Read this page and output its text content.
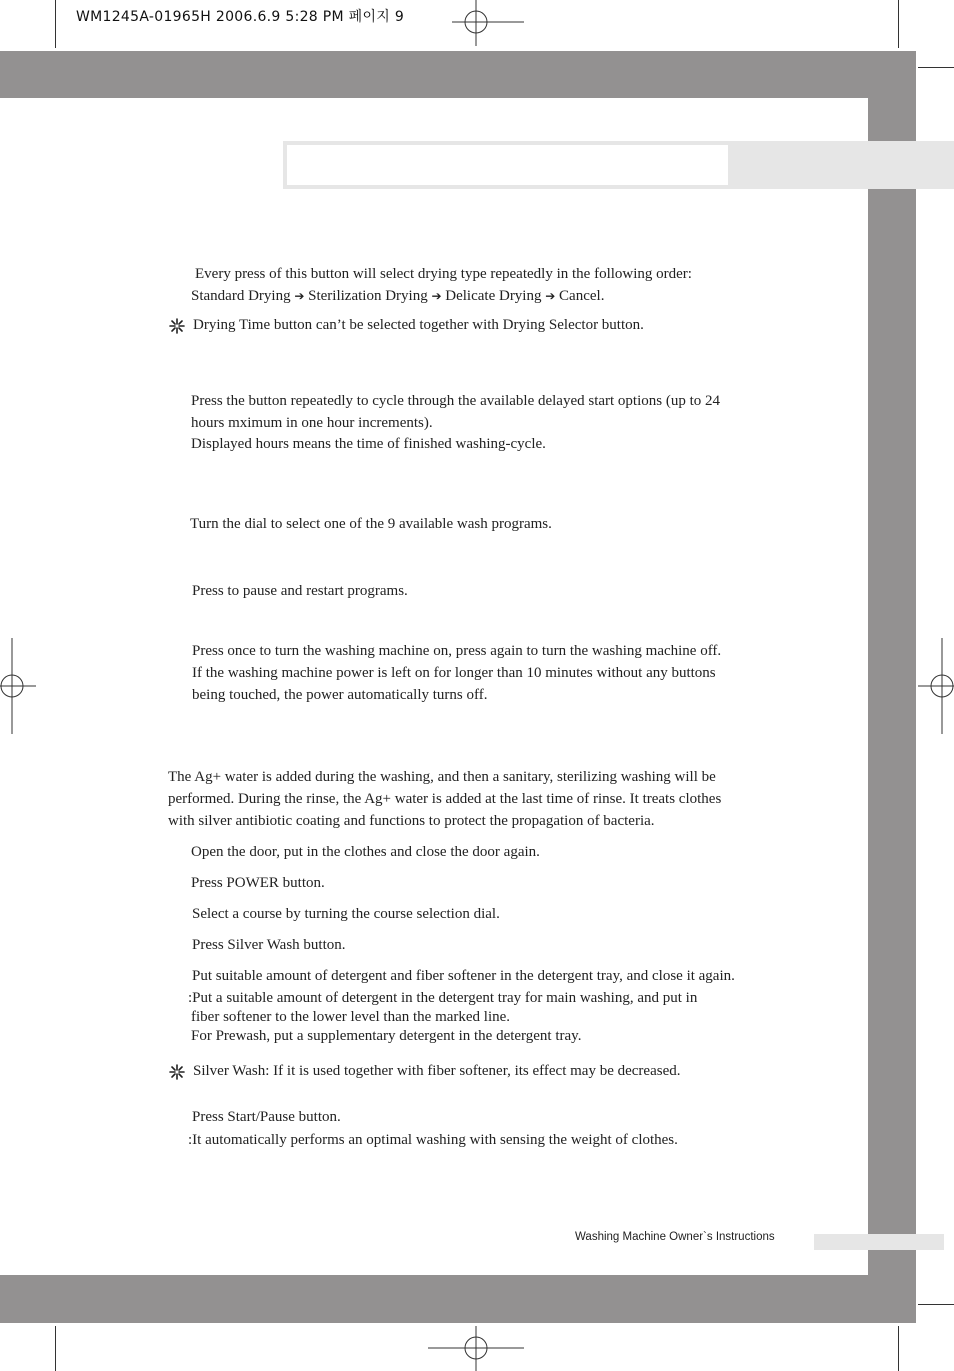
WM1245A-01965H 2006.6.9 5:28 PM 페이지 9
Every press of this button will select drying type repeatedly in the following order:
Standard Drying ➔ Sterilization Drying ➔ Delicate Drying ➔ Cancel.
Drying Time button can’t be selected together with Drying Selector button.
Press the button repeatedly to cycle through the available delayed start options (up to 24
hours mximum in one hour increments).
Displayed hours means the time of finished washing-cycle.
Turn the dial to select one of the 9 available wash programs.
Press to pause and restart programs.
Press once to turn the washing machine on, press again to turn the washing machine off.
If the washing machine power is left on for longer than 10 minutes without any buttons
being touched, the power automatically turns off.
The Ag+ water is added during the washing, and then a sanitary, sterilizing washing will be
performed. During the rinse, the Ag+ water is added at the last time of rinse. It treats clothes
with silver antibiotic coating and functions to protect the propagation of bacteria.
Open the door, put in the clothes and close the door again.
Press POWER button.
Select a course by turning the course selection dial.
Press Silver Wash button.
Put suitable amount of detergent and fiber softener in the detergent tray, and close it again.
:Put a suitable amount of detergent in the detergent tray for main washing, and put in
fiber softener to the lower level than the marked line.
For Prewash, put a supplementary detergent in the detergent tray.
Silver Wash: If it is used together with fiber softener, its effect may be decreased.
Press Start/Pause button.
:It automatically performs an optimal washing with sensing the weight of clothes.
Washing Machine Owner`s Instructions
